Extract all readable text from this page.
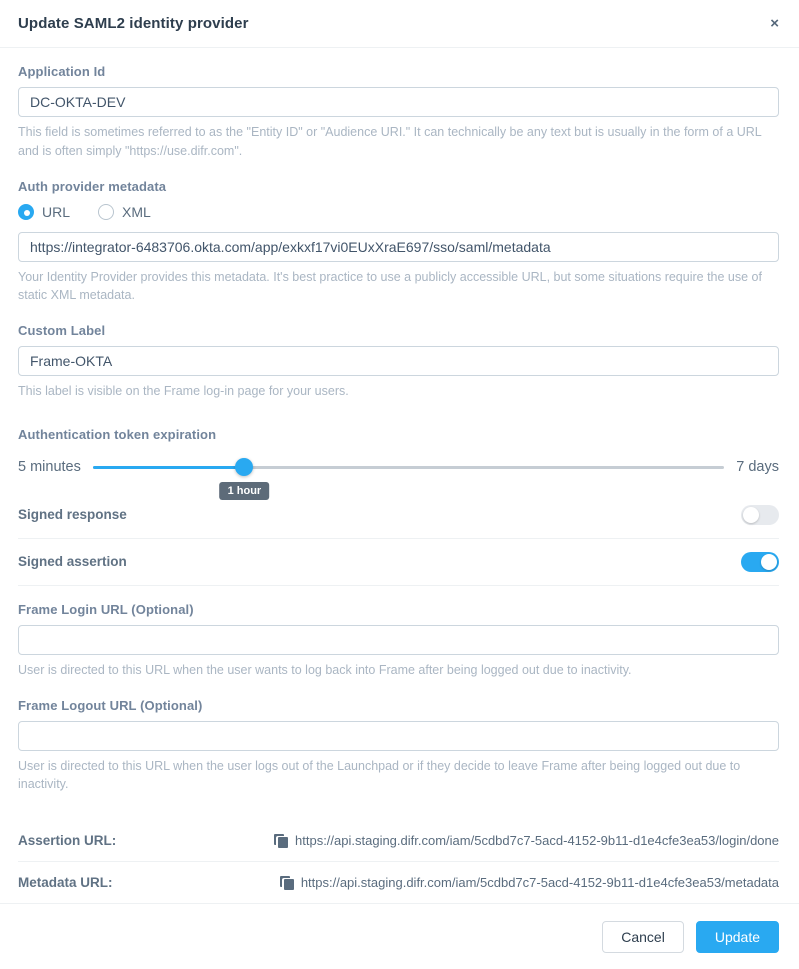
Update SAML2 identity provider	×
Application Id
DC-OKTA-DEV
This field is sometimes referred to as the "Entity ID" or "Audience URI." It can technically be any text but is usually in the form of a URL and is often simply "https://use.difr.com".
Auth provider metadata
URL	XML
https://integrator-6483706.okta.com/app/exkxf17vi0EUxXraE697/sso/saml/metadata
Your Identity Provider provides this metadata. It's best practice to use a publicly accessible URL, but some situations require the use of static XML metadata.
Custom Label
Frame-OKTA
This label is visible on the Frame log-in page for your users.
Authentication token expiration
5 minutes
1 hour
7 days
Signed response
Signed assertion
Frame Login URL (Optional)
User is directed to this URL when the user wants to log back into Frame after being logged out due to inactivity.
Frame Logout URL (Optional)
User is directed to this URL when the user logs out of the Launchpad or if they decide to leave Frame after being logged out due to inactivity.
Assertion URL:	https://api.staging.difr.com/iam/5cdbd7c7-5acd-4152-9b11-d1e4cfe3ea53/login/done
Metadata URL:	https://api.staging.difr.com/iam/5cdbd7c7-5acd-4152-9b11-d1e4cfe3ea53/metadata
Cancel	Update
